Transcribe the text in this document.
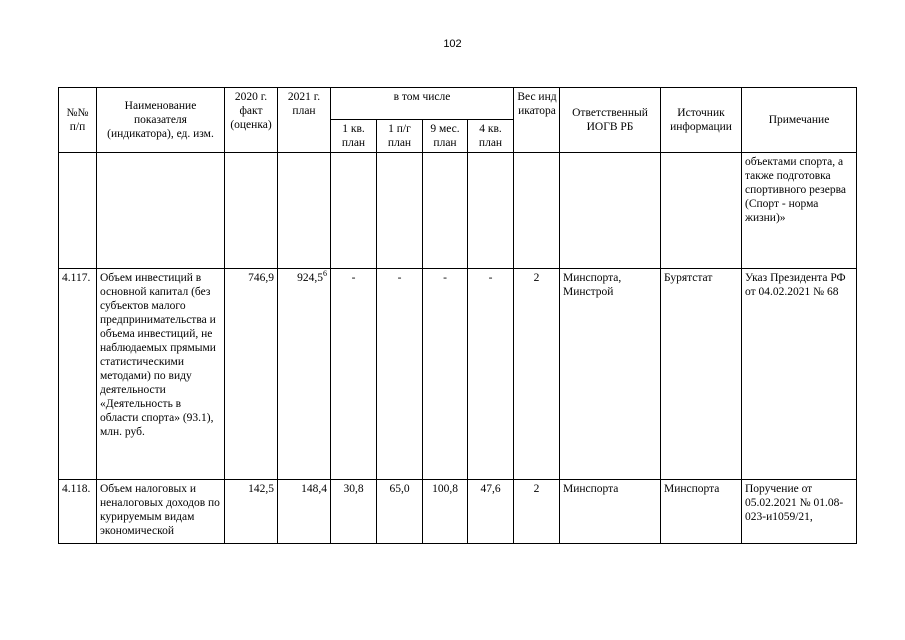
102
№№ п/п	Наименование показателя (индикатора), ед. изм.	2020 г. факт (оценка)	2021 г. план	в том числе				Вес индикатора	Ответственный ИОГВ РБ	Источник информации	Примечание
				1 кв. план	1 п/г план	9 мес. план	4 кв. план				
											объектами спорта, а также подготовка спортивного резерва (Спорт - норма жизни)»
4.117.	Объем инвестиций в основной капитал (без субъектов малого предпринимательства и объема инвестиций, не наблюдаемых прямыми статистическими методами) по виду деятельности «Деятельность в области спорта» (93.1), млн. руб.	746,9	924,5$^6$	-	-	-	-	2	Минспорта, Минстрой	Бурятстат	Указ Президента РФ от 04.02.2021 № 68
4.118.	Объем налоговых и неналоговых доходов по курируемым видам экономической	142,5	148,4	30,8	65,0	100,8	47,6	2	Минспорта	Минспорта	Поручение от 05.02.2021 № 01.08-023-и1059/21,
